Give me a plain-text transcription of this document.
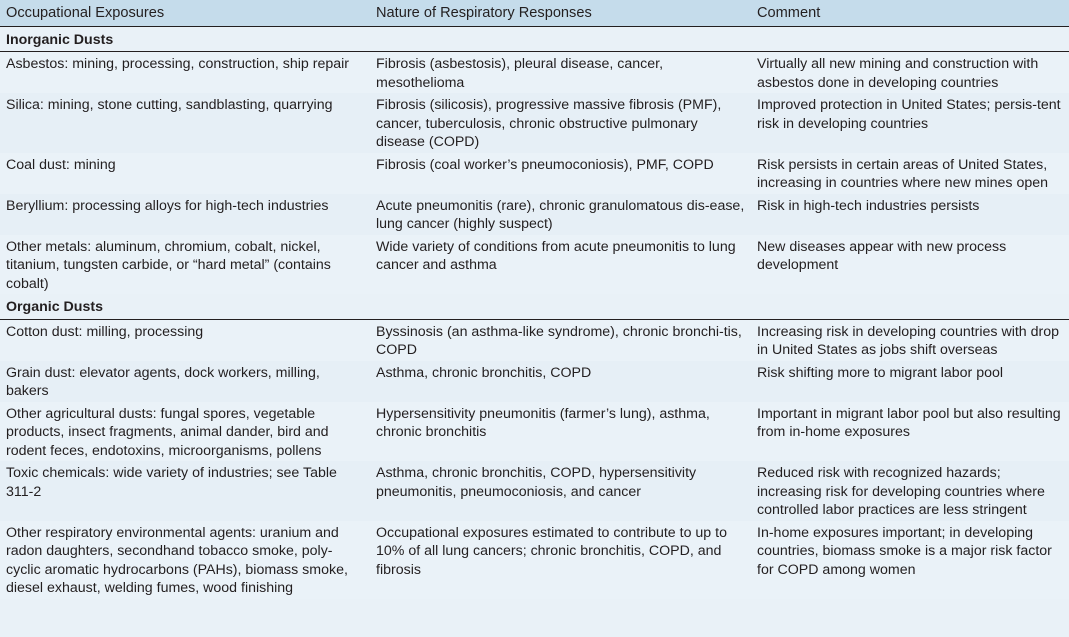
Occupational Exposures	Nature of Respiratory Responses	Comment
Inorganic Dusts		
Asbestos: mining, processing, construction, ship repair	Fibrosis (asbestosis), pleural disease, cancer, mesothelioma	Virtually all new mining and construction with asbestos done in developing countries
Silica: mining, stone cutting, sandblasting, quarrying	Fibrosis (silicosis), progressive massive fibrosis (PMF), cancer, tuberculosis, chronic obstructive pulmonary disease (COPD)	Improved protection in United States; persis-tent risk in developing countries
Coal dust: mining	Fibrosis (coal worker’s pneumoconiosis), PMF, COPD	Risk persists in certain areas of United States, increasing in countries where new mines open
Beryllium: processing alloys for high-tech industries	Acute pneumonitis (rare), chronic granulomatous dis-ease, lung cancer (highly suspect)	Risk in high-tech industries persists
Other metals: aluminum, chromium, cobalt, nickel, titanium, tungsten carbide, or “hard metal” (contains cobalt)	Wide variety of conditions from acute pneumonitis to lung cancer and asthma	New diseases appear with new process development
Organic Dusts		
Cotton dust: milling, processing	Byssinosis (an asthma-like syndrome), chronic bronchi-tis, COPD	Increasing risk in developing countries with drop in United States as jobs shift overseas
Grain dust: elevator agents, dock workers, milling, bakers	Asthma, chronic bronchitis, COPD	Risk shifting more to migrant labor pool
Other agricultural dusts: fungal spores, vegetable products, insect fragments, animal dander, bird and rodent feces, endotoxins, microorganisms, pollens	Hypersensitivity pneumonitis (farmer’s lung), asthma, chronic bronchitis	Important in migrant labor pool but also resulting from in-home exposures
Toxic chemicals: wide variety of industries; see Table 311-2	Asthma, chronic bronchitis, COPD, hypersensitivity pneumonitis, pneumoconiosis, and cancer	Reduced risk with recognized hazards; increasing risk for developing countries where controlled labor practices are less stringent
Other respiratory environmental agents: uranium and radon daughters, secondhand tobacco smoke, poly-cyclic aromatic hydrocarbons (PAHs), biomass smoke, diesel exhaust, welding fumes, wood finishing	Occupational exposures estimated to contribute to up to 10% of all lung cancers; chronic bronchitis, COPD, and fibrosis	In-home exposures important; in developing countries, biomass smoke is a major risk factor for COPD among women
